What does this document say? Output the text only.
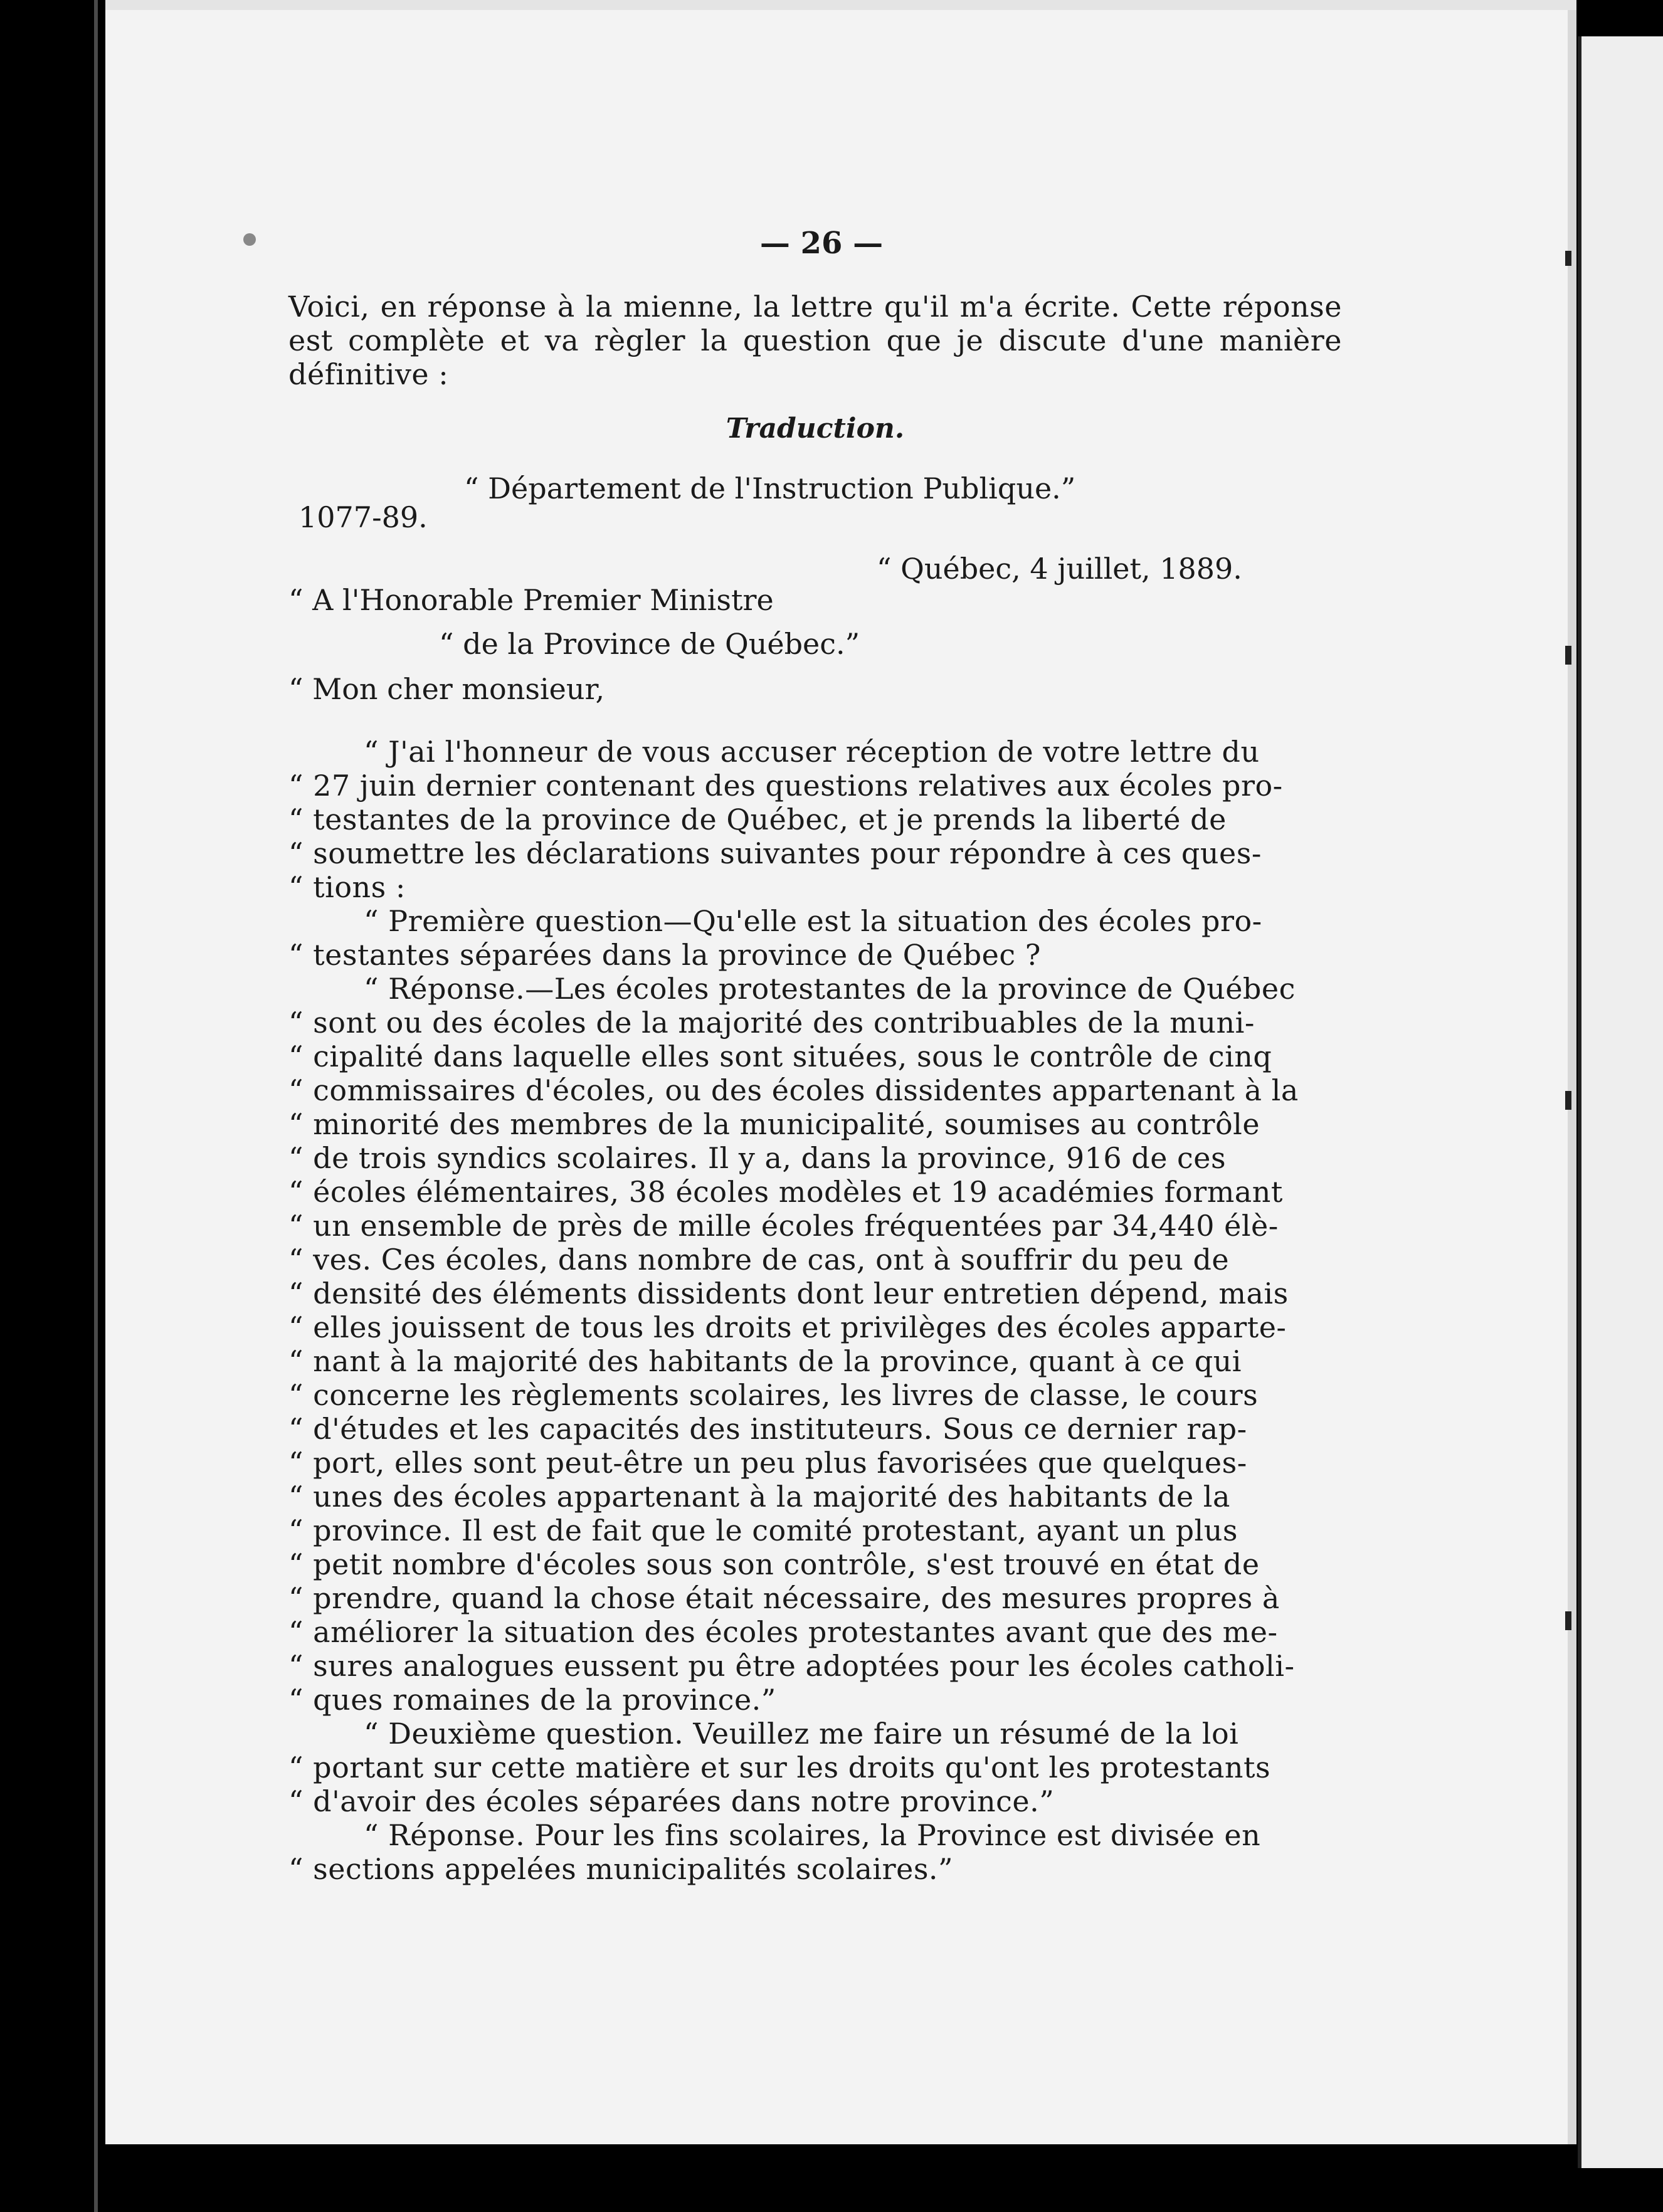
— 26 —
Voici, en réponse à la mienne, la lettre qu'il m'a écrite. Cette réponse est complète et va règler la question que je discute d'une manière définitive :
Traduction.
“ Département de l'Instruction Publique.”
1077-89.
“ Québec, 4 juillet, 1889.
“ A l'Honorable Premier Ministre
“ de la Province de Québec.”
“ Mon cher monsieur,
“ J'ai l'honneur de vous accuser réception de votre lettre du
“ 27 juin dernier contenant des questions relatives aux écoles pro-
“ testantes de la province de Québec, et je prends la liberté de
“ soumettre les déclarations suivantes pour répondre à ces ques-
“ tions :
“ Première question—Qu'elle est la situation des écoles pro-
“ testantes séparées dans la province de Québec ?
“ Réponse.—Les écoles protestantes de la province de Québec
“ sont ou des écoles de la majorité des contribuables de la muni-
“ cipalité dans laquelle elles sont situées, sous le contrôle de cinq
“ commissaires d'écoles, ou des écoles dissidentes appartenant à la
“ minorité des membres de la municipalité, soumises au contrôle
“ de trois syndics scolaires. Il y a, dans la province, 916 de ces
“ écoles élémentaires, 38 écoles modèles et 19 académies formant
“ un ensemble de près de mille écoles fréquentées par 34,440 élè-
“ ves. Ces écoles, dans nombre de cas, ont à souffrir du peu de
“ densité des éléments dissidents dont leur entretien dépend, mais
“ elles jouissent de tous les droits et privilèges des écoles apparte-
“ nant à la majorité des habitants de la province, quant à ce qui
“ concerne les règlements scolaires, les livres de classe, le cours
“ d'études et les capacités des instituteurs. Sous ce dernier rap-
“ port, elles sont peut-être un peu plus favorisées que quelques-
“ unes des écoles appartenant à la majorité des habitants de la
“ province. Il est de fait que le comité protestant, ayant un plus
“ petit nombre d'écoles sous son contrôle, s'est trouvé en état de
“ prendre, quand la chose était nécessaire, des mesures propres à
“ améliorer la situation des écoles protestantes avant que des me-
“ sures analogues eussent pu être adoptées pour les écoles catholi-
“ ques romaines de la province.”
“ Deuxième question. Veuillez me faire un résumé de la loi
“ portant sur cette matière et sur les droits qu'ont les protestants
“ d'avoir des écoles séparées dans notre province.”
“ Réponse. Pour les fins scolaires, la Province est divisée en
“ sections appelées municipalités scolaires.”
